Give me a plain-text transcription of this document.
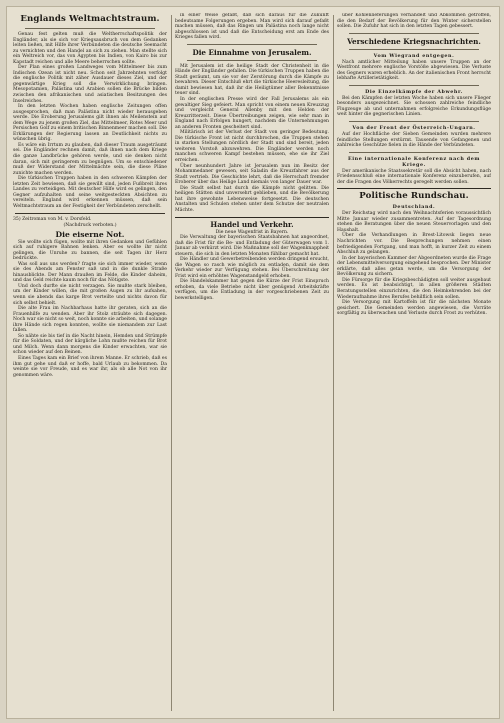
Englands Weltmachtstraum.

Genau fest gelten muß die Weltherrschaftspolitik der Engländer, als sie sich vor Kriegsausbruch von dem Gedanken leiten ließen, mit Hilfe ihrer Verbündeten die deutsche Seemacht zu vernichten und den Handel an sich zu ziehen. Man stellte sich ein Weltreich vor, das von Ägypten bis Indien, von Kairo bis zur Kapstadt reichen und alle Meere beherrschen sollte.

Der Plan eines großen Landweges vom Mittelmeer bis zum Indischen Ozean ist nicht neu. Schon seit Jahrzehnten verfolgt die englische Politik mit zäher Ausdauer dieses Ziel, und der gegenwärtige Krieg soll die Verwirklichung bringen. Mesopotamien, Palästina und Arabien sollen die Brücke bilden zwischen den afrikanischen und asiatischen Besitzungen des Inselreiches.

In den letzten Wochen haben englische Zeitungen offen ausgesprochen, daß man Palästina nicht wieder herausgeben werde. Die Eroberung Jerusalems gilt ihnen als Meilenstein auf dem Wege zu jenem großen Ziel, das Mittelmeer, Rotes Meer und Persischen Golf zu einem britischen Binnenmeer machen soll. Die Erklärungen der Regierung lassen an Deutlichkeit nichts zu wünschen übrig.

Es wäre ein Irrtum zu glauben, daß dieser Traum ausgeträumt sei. Die Engländer rechnen damit, daß ihnen nach dem Kriege die ganze Landbrücke gehören werde, und sie denken nicht daran, sich mit geringerem zu begnügen. Um so entschiedener muß der Widerstand der Mittelmächte sein, die diese Pläne zunichte machen werden.

Die türkischen Truppen haben in den schweren Kämpfen der letzten Zeit bewiesen, daß sie gewillt sind, jeden Fußbreit ihres Landes zu verteidigen. Mit deutscher Hilfe wird es gelingen, den Gegner aufzuhalten und seine weitgesteckten Absichten zu vereiteln. England wird erkennen müssen, daß sein Weltmachtstraum an der Festigkeit der Verbündeten zerschellt.

35) Zeitroman von M. v. Dorsfeld.
(Nachdruck verboten.)
Die eiserne Not.

Sie wollte sich fügen, wollte mit ihren Gedanken und Gefühlen sich auf ruhigere Bahnen lenken. Aber es wollte ihr nicht gelingen, die Unruhe zu bannen, die seit Tagen ihr Herz bedrückte.

Was soll aus uns werden? fragte sie sich immer wieder, wenn sie des Abends am Fenster saß und in die dunkle Straße hinausblickte. Der Mann draußen im Felde, die Kinder daheim, und das Geld reichte kaum noch für das Nötigste.

Und doch durfte sie nicht verzagen. Sie mußte stark bleiben, um der Kinder willen, die mit großen Augen zu ihr aufsahen, wenn sie abends das karge Brot verteilte und nichts davon für sich selbst behielt.

Die alte Frau im Nachbarhaus hatte ihr geraten, sich an die Frauenhilfe zu wenden. Aber ihr Stolz sträubte sich dagegen. Noch war sie nicht so weit, noch konnte sie arbeiten, und solange ihre Hände sich regen konnten, wollte sie niemandem zur Last fallen.

So nähte sie bis tief in die Nacht hinein, Hemden und Strümpfe für die Soldaten, und der kärgliche Lohn mußte reichen für Brot und Milch. Wenn dann morgens die Kinder erwachten, war sie schon wieder auf den Beinen.

Eines Tages kam ein Brief von ihrem Manne. Er schrieb, daß es ihm gut gehe und daß er hoffe, bald Urlaub zu bekommen. Da weinte sie vor Freude, und es war ihr, als ob alle Not von ihr genommen wäre.

in einer Weise gefaßt, daß sich daraus für die Zukunft bedeutsame Folgerungen ergeben. Man wird sich darauf gefaßt machen müssen, daß das Ringen um Palästina noch lange nicht abgeschlossen ist und daß die Entscheidung erst am Ende des Krieges fallen wird.

Die Einnahme von Jerusalem.

Mit Jerusalem ist die heilige Stadt der Christenheit in die Hände der Engländer gefallen. Die türkischen Truppen haben die Stadt geräumt, um sie vor der Zerstörung durch die Kämpfe zu bewahren. Dieser Entschluß ehrt die türkische Heeresleitung, die damit bewiesen hat, daß ihr die Heiligtümer aller Bekenntnisse teuer sind.

In der englischen Presse wird der Fall Jerusalems als ein gewaltiger Sieg gefeiert. Man spricht von einem neuen Kreuzzug und vergleicht General Allenby mit den Helden der Kreuzritterzeit. Diese Übertreibungen zeigen, wie sehr man in England nach Erfolgen hungert, nachdem die Unternehmungen an anderen Fronten gescheitert sind.

Militärisch ist der Verlust der Stadt von geringer Bedeutung. Die türkische Front ist nicht durchbrochen, die Truppen stehen in starken Stellungen nördlich der Stadt und sind bereit, jeden weiteren Vorstoß abzuwehren. Die Engländer werden noch manchen schweren Kampf bestehen müssen, ehe sie ihr Ziel erreichen.

Über neunhundert Jahre ist Jerusalem nun im Besitz der Mohammedaner gewesen, seit Saladin die Kreuzfahrer aus der Stadt vertrieb. Die Geschichte lehrt, daß die Herrschaft fremder Eroberer über das Heilige Land niemals von langer Dauer war.

Die Stadt selbst hat durch die Kämpfe nicht gelitten. Die heiligen Stätten sind unversehrt geblieben, und die Bevölkerung hat ihre gewohnte Lebensweise fortgesetzt. Die deutschen Anstalten und Schulen stehen unter dem Schutze der neutralen Mächte.

Handel und Verkehr.
Die neue Wagenfrist in Bayern.

Die Verwaltung der bayerischen Staatsbahnen hat angeordnet, daß die Frist für die Be- und Entladung der Güterwagen vom 1. Januar ab verkürzt wird. Die Maßnahme soll der Wagenknappheit steuern, die sich in den letzten Monaten fühlbar gemacht hat.

Die Händler und Gewerbetreibenden werden dringend ersucht, die Wagen so rasch wie möglich zu entladen, damit sie dem Verkehr wieder zur Verfügung stehen. Bei Überschreitung der Frist wird ein erhöhtes Wagenstandgeld erhoben.

Die Handelskammer hat gegen die Kürze der Frist Einspruch erhoben, da viele Betriebe nicht über genügend Arbeitskräfte verfügen, um die Entladung in der vorgeschriebenen Zeit zu bewerkstelligen.

über Kohlenlieferungen verhandelt und Abkommen getroffen, die den Bedarf der Bevölkerung für den Winter sicherstellen sollen. Die Zufuhr hat sich in den letzten Tagen gebessert.

Verschiedene Kriegsnachrichten.
Vom Wiegrand entgegen.

Nach amtlicher Mitteilung haben unsere Truppen an der Westfront mehrere englische Vorstöße abgewiesen. Die Verluste des Gegners waren erheblich. An der italienischen Front herrscht lebhafte Artillerietätigkeit.

Die Einzelkämpfe der Abwehr.

Bei den Kämpfen der letzten Woche haben sich unsere Flieger besonders ausgezeichnet. Sie schossen zahlreiche feindliche Flugzeuge ab und unternahmen erfolgreiche Erkundungsflüge weit hinter die gegnerischen Linien.

Von der Front der Österreich-Ungarn.

Auf der Hochfläche der Sieben Gemeinden wurden mehrere feindliche Stellungen erstürmt. Tausende von Gefangenen und zahlreiche Geschütze fielen in die Hände der Verbündeten.

Eine internationale Konferenz nach dem Kriege.

Der amerikanische Staatssekretär soll die Absicht haben, nach Friedensschluß eine internationale Konferenz einzuberufen, auf der die Fragen des Völkerrechts geregelt werden sollen.

Politische Rundschau.
Deutschland.

Der Reichstag wird nach den Weihnachtsferien voraussichtlich Mitte Januar wieder zusammentreten. Auf der Tagesordnung stehen die Beratungen über die neuen Steuervorlagen und den Haushalt.

Über die Verhandlungen in Brest-Litowsk liegen neue Nachrichten vor. Die Besprechungen nehmen einen befriedigenden Fortgang, und man hofft, in kurzer Zeit zu einem Abschluß zu gelangen.

In der bayerischen Kammer der Abgeordneten wurde die Frage der Lebensmittelversorgung eingehend besprochen. Der Minister erklärte, daß alles getan werde, um die Versorgung der Bevölkerung zu sichern.

Die Fürsorge für die Kriegsbeschädigten soll weiter ausgebaut werden. Es ist beabsichtigt, in allen größeren Städten Beratungsstellen einzurichten, die den Heimkehrenden bei der Wiederaufnahme ihres Berufes behilflich sein sollen.

Die Versorgung mit Kartoffeln ist für die nächsten Monate gesichert. Die Gemeinden werden angewiesen, die Vorräte sorgfältig zu überwachen und Verluste durch Frost zu verhüten.
